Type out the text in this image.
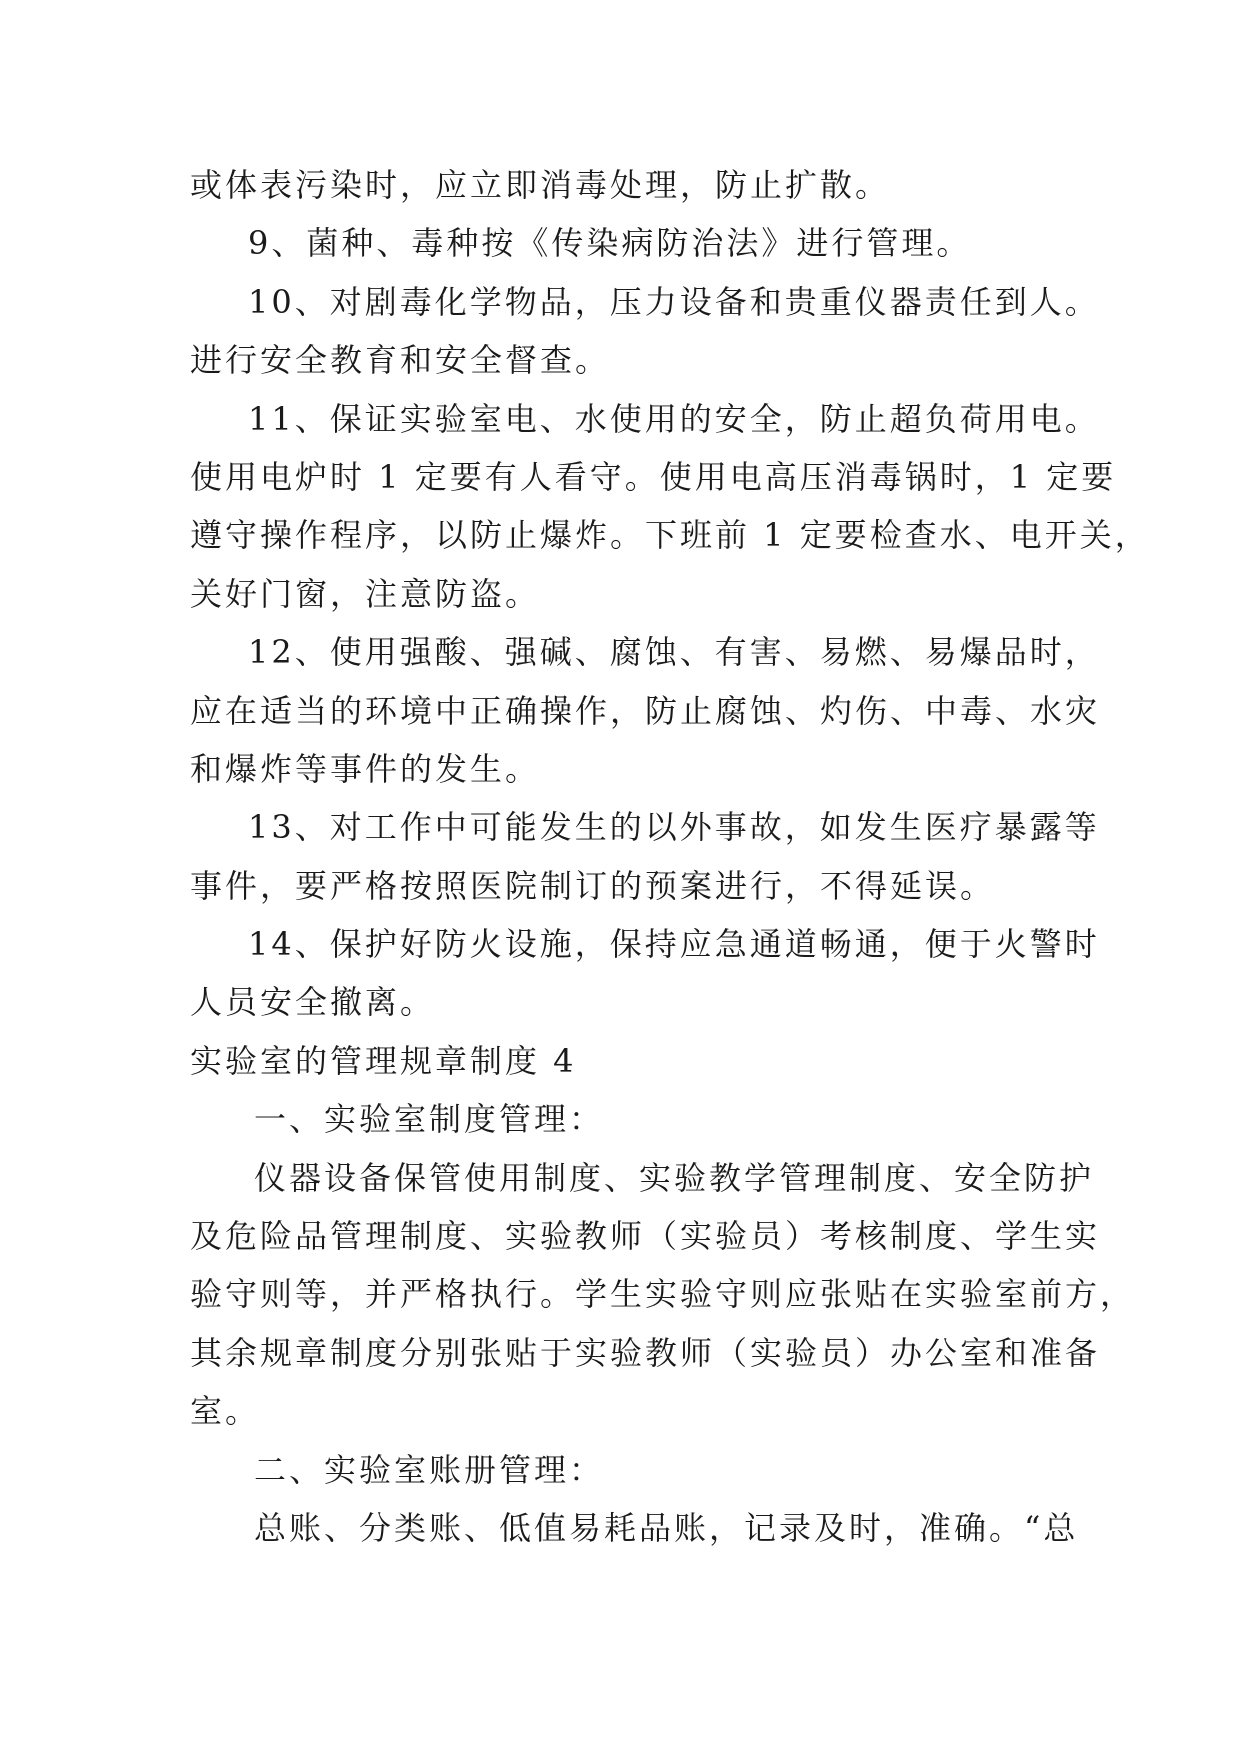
或体表污染时，应立即消毒处理，防止扩散。
9、菌种、毒种按《传染病防治法》进行管理。
10、对剧毒化学物品，压力设备和贵重仪器责任到人。
进行安全教育和安全督查。
11、保证实验室电、水使用的安全，防止超负荷用电。
使用电炉时 1 定要有人看守。使用电高压消毒锅时，1 定要
遵守操作程序，以防止爆炸。下班前 1 定要检查水、电开关，
关好门窗，注意防盗。
12、使用强酸、强碱、腐蚀、有害、易燃、易爆品时，
应在适当的环境中正确操作，防止腐蚀、灼伤、中毒、水灾
和爆炸等事件的发生。
13、对工作中可能发生的以外事故，如发生医疗暴露等
事件，要严格按照医院制订的预案进行，不得延误。
14、保护好防火设施，保持应急通道畅通，便于火警时
人员安全撤离。
实验室的管理规章制度 4
一、实验室制度管理：
仪器设备保管使用制度、实验教学管理制度、安全防护
及危险品管理制度、实验教师（实验员）考核制度、学生实
验守则等，并严格执行。学生实验守则应张贴在实验室前方，
其余规章制度分别张贴于实验教师（实验员）办公室和准备
室。
二、实验室账册管理：
总账、分类账、低值易耗品账，记录及时，准确。“总
